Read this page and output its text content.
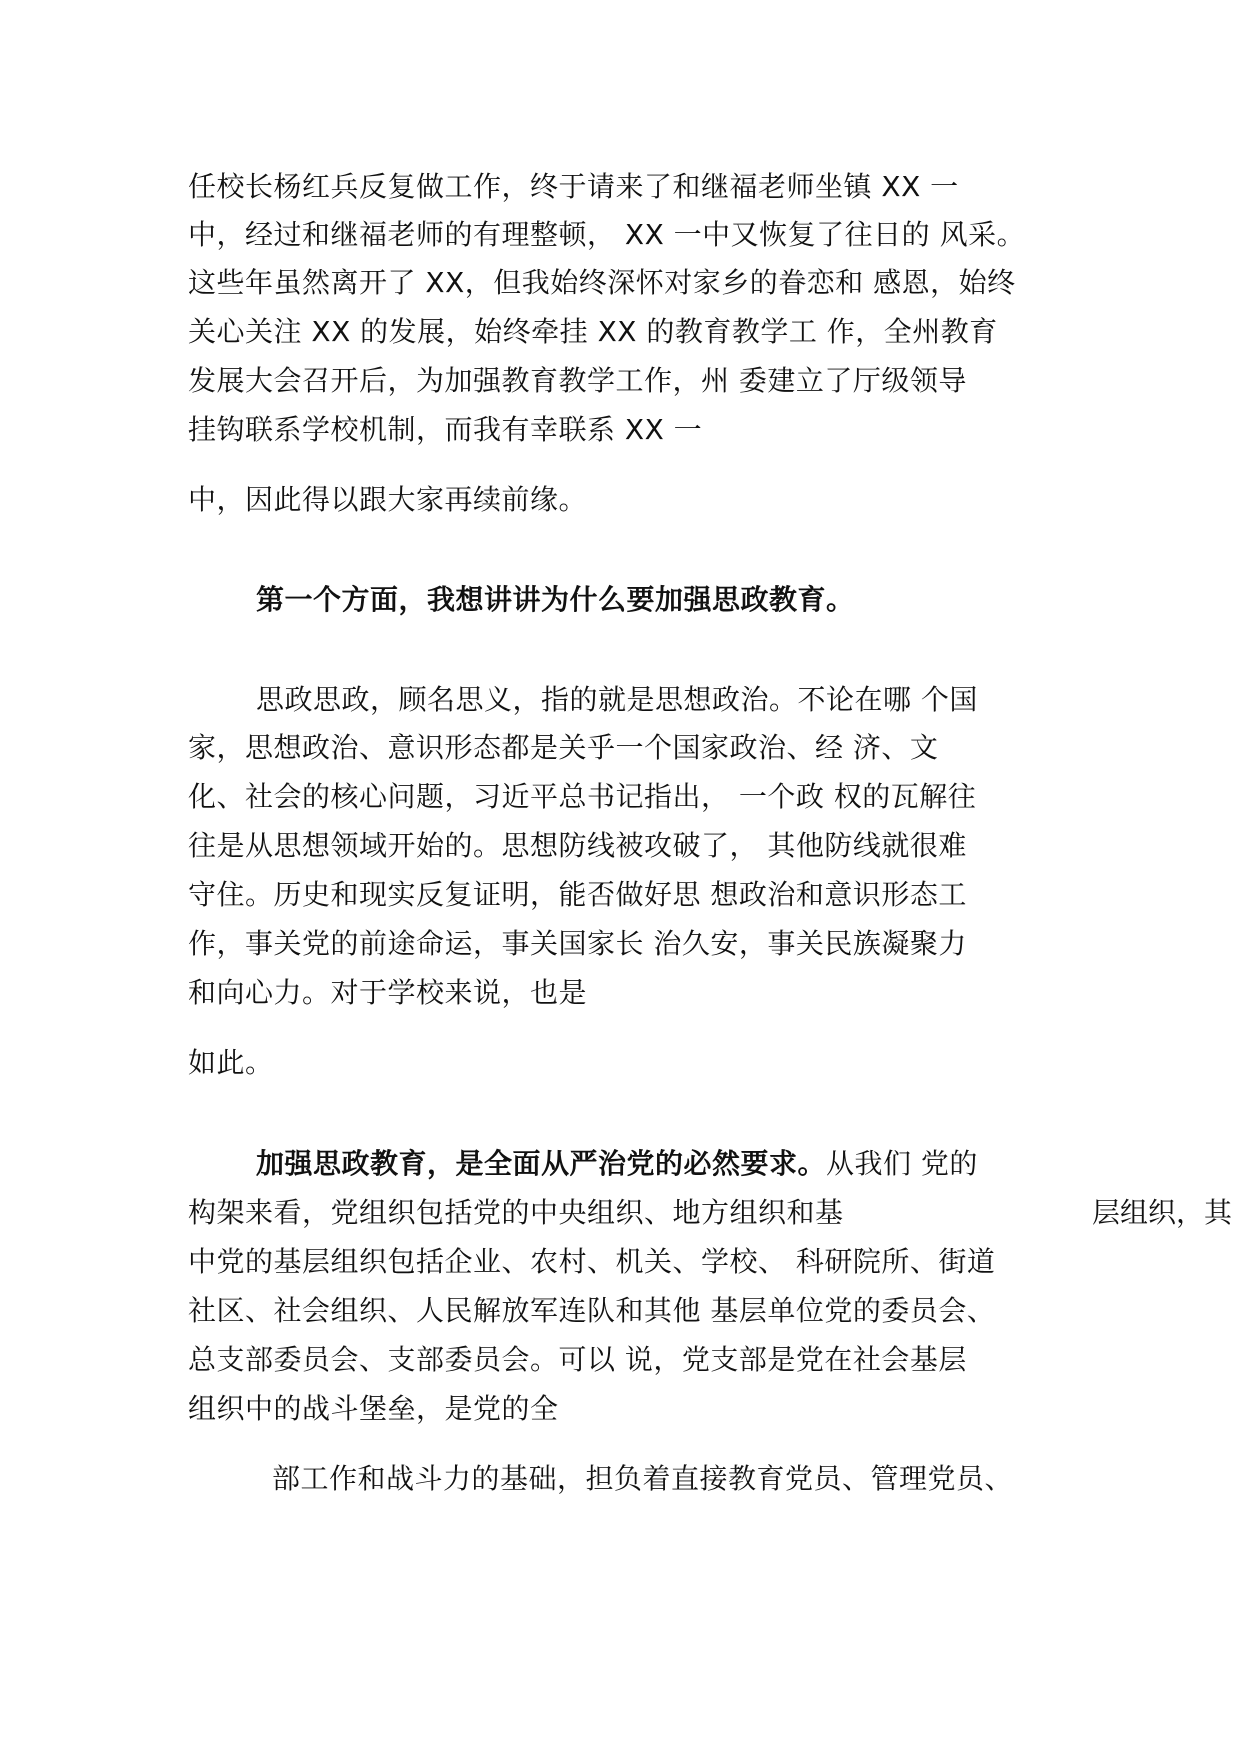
任校长杨红兵反复做工作，终于请来了和继福老师坐镇 XX 一
中，经过和继福老师的有理整顿， XX 一中又恢复了往日的 风采。
这些年虽然离开了 XX，但我始终深怀对家乡的眷恋和 感恩，始终
关心关注 XX 的发展，始终牵挂 XX 的教育教学工 作，全州教育
发展大会召开后，为加强教育教学工作，州 委建立了厅级领导
挂钩联系学校机制，而我有幸联系 XX 一
中，因此得以跟大家再续前缘。
第一个方面，我想讲讲为什么要加强思政教育。
思政思政，顾名思义，指的就是思想政治。不论在哪 个国
家，思想政治、意识形态都是关乎一个国家政治、经 济、文
化、社会的核心问题，习近平总书记指出， 一个政 权的瓦解往
往是从思想领域开始的。思想防线被攻破了， 其他防线就很难
守住。历史和现实反复证明，能否做好思 想政治和意识形态工
作，事关党的前途命运，事关国家长 治久安，事关民族凝聚力
和向心力。对于学校来说，也是
如此。
加强思政教育，是全面从严治党的必然要求。从我们 党的
构架来看，党组织包括党的中央组织、地方组织和基	层组织，其
中党的基层组织包括企业、农村、机关、学校、 科研院所、街道
社区、社会组织、人民解放军连队和其他 基层单位党的委员会、
总支部委员会、支部委员会。可以 说，党支部是党在社会基层
组织中的战斗堡垒，是党的全
部工作和战斗力的基础，担负着直接教育党员、管理党员、
